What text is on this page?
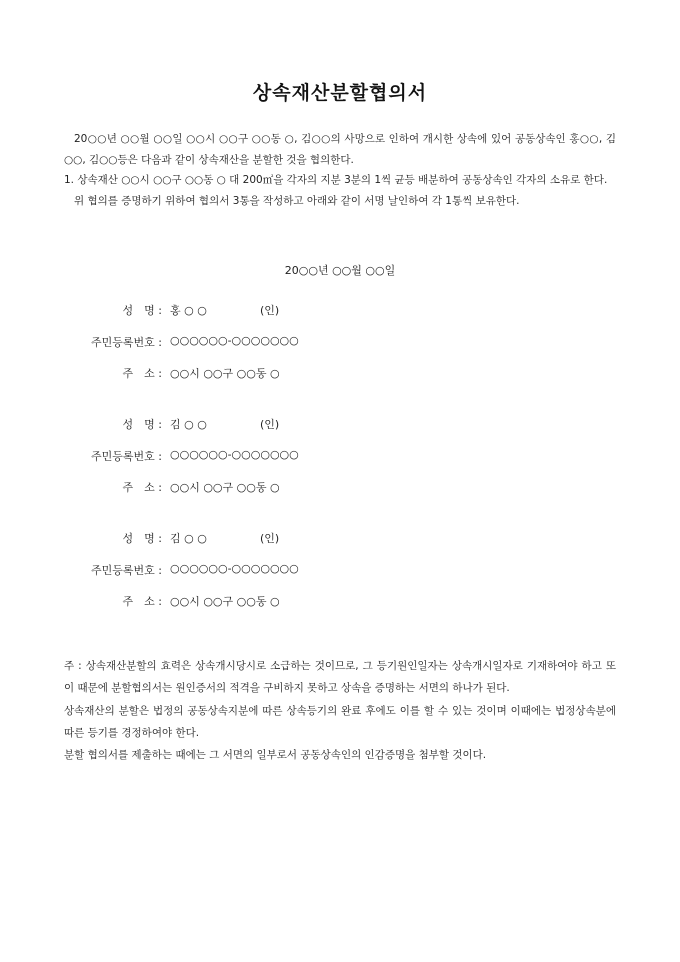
상속재산분할협의서

20○○년 ○○월 ○○일 ○○시 ○○구 ○○동 ○, 김○○의 사망으로 인하여 개시한 상속에 있어 공동상속인 홍○○, 김○○, 김○○등은 다음과 같이 상속재산을 분할한 것을 협의한다.

1. 상속재산 ○○시 ○○구 ○○동 ○ 대 200㎡을 각자의 지분 3분의 1씩 균등 배분하여 공동상속인 각자의 소유로 한다.

위 협의를 증명하기 위하여 협의서 3통을 작성하고 아래와 같이 서명 날인하여 각 1통씩 보유한다.

20○○년 ○○월 ○○일
성　명 : 홍 ○ ○	(인)
주민등록번호 : ○○○○○○-○○○○○○○
주　소 : ○○시 ○○구 ○○동 ○
성　명 : 김 ○ ○	(인)
주민등록번호 : ○○○○○○-○○○○○○○
주　소 : ○○시 ○○구 ○○동 ○
성　명 : 김 ○ ○	(인)
주민등록번호 : ○○○○○○-○○○○○○○
주　소 : ○○시 ○○구 ○○동 ○

주 : 상속재산분할의 효력은 상속개시당시로 소급하는 것이므로, 그 등기원인일자는 상속개시일자로 기재하여야 하고 또 이 때문에 분할협의서는 원인증서의 적격을 구비하지 못하고 상속을 증명하는 서면의 하나가 된다.

상속재산의 분할은 법정의 공동상속지분에 따른 상속등기의 완료 후에도 이를 할 수 있는 것이며 이때에는 법정상속분에 따른 등기를 경정하여야 한다.

분할 협의서를 제출하는 때에는 그 서면의 일부로서 공동상속인의 인감증명을 첨부할 것이다.
